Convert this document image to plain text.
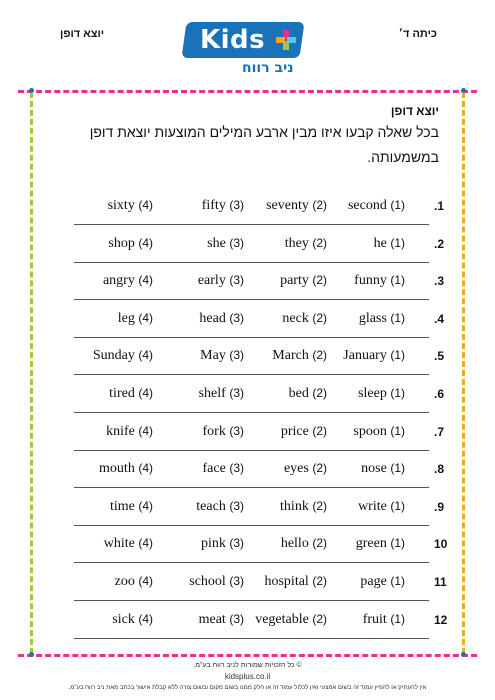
יוצא דופן	כיתה ד׳
Kids
ניב רווח
יוצא דופן
בכל שאלה קבעו איזו מבין ארבע המילים המוצעות יוצאת דופן במשמעותה.
.1
second (1)
seventy (2)
fifty (3)
sixty (4)
.2
he (1)
they (2)
she (3)
shop (4)
.3
funny (1)
party (2)
early (3)
angry (4)
.4
glass (1)
neck (2)
head (3)
leg (4)
.5
January (1)
March (2)
May (3)
Sunday (4)
.6
sleep (1)
bed (2)
shelf (3)
tired (4)
.7
spoon (1)
price (2)
fork (3)
knife (4)
.8
nose (1)
eyes (2)
face (3)
mouth (4)
.9
write (1)
think (2)
teach (3)
time (4)
10
green (1)
hello (2)
pink (3)
white (4)
11
page (1)
hospital (2)
school (3)
zoo (4)
12
fruit (1)
vegetable (2)
meat (3)
sick (4)
© כל הזכויות שמורות לניב רווח בע"מ.
kidsplus.co.il
אין להעתיק או להפיץ עמוד זה בשום אמצעי ואין לכלול עמוד זה או חלק ממנו בשום מקום ובשום צורה ללא קבלת אישור בכתב מאת ניב רווח בע"מ.
